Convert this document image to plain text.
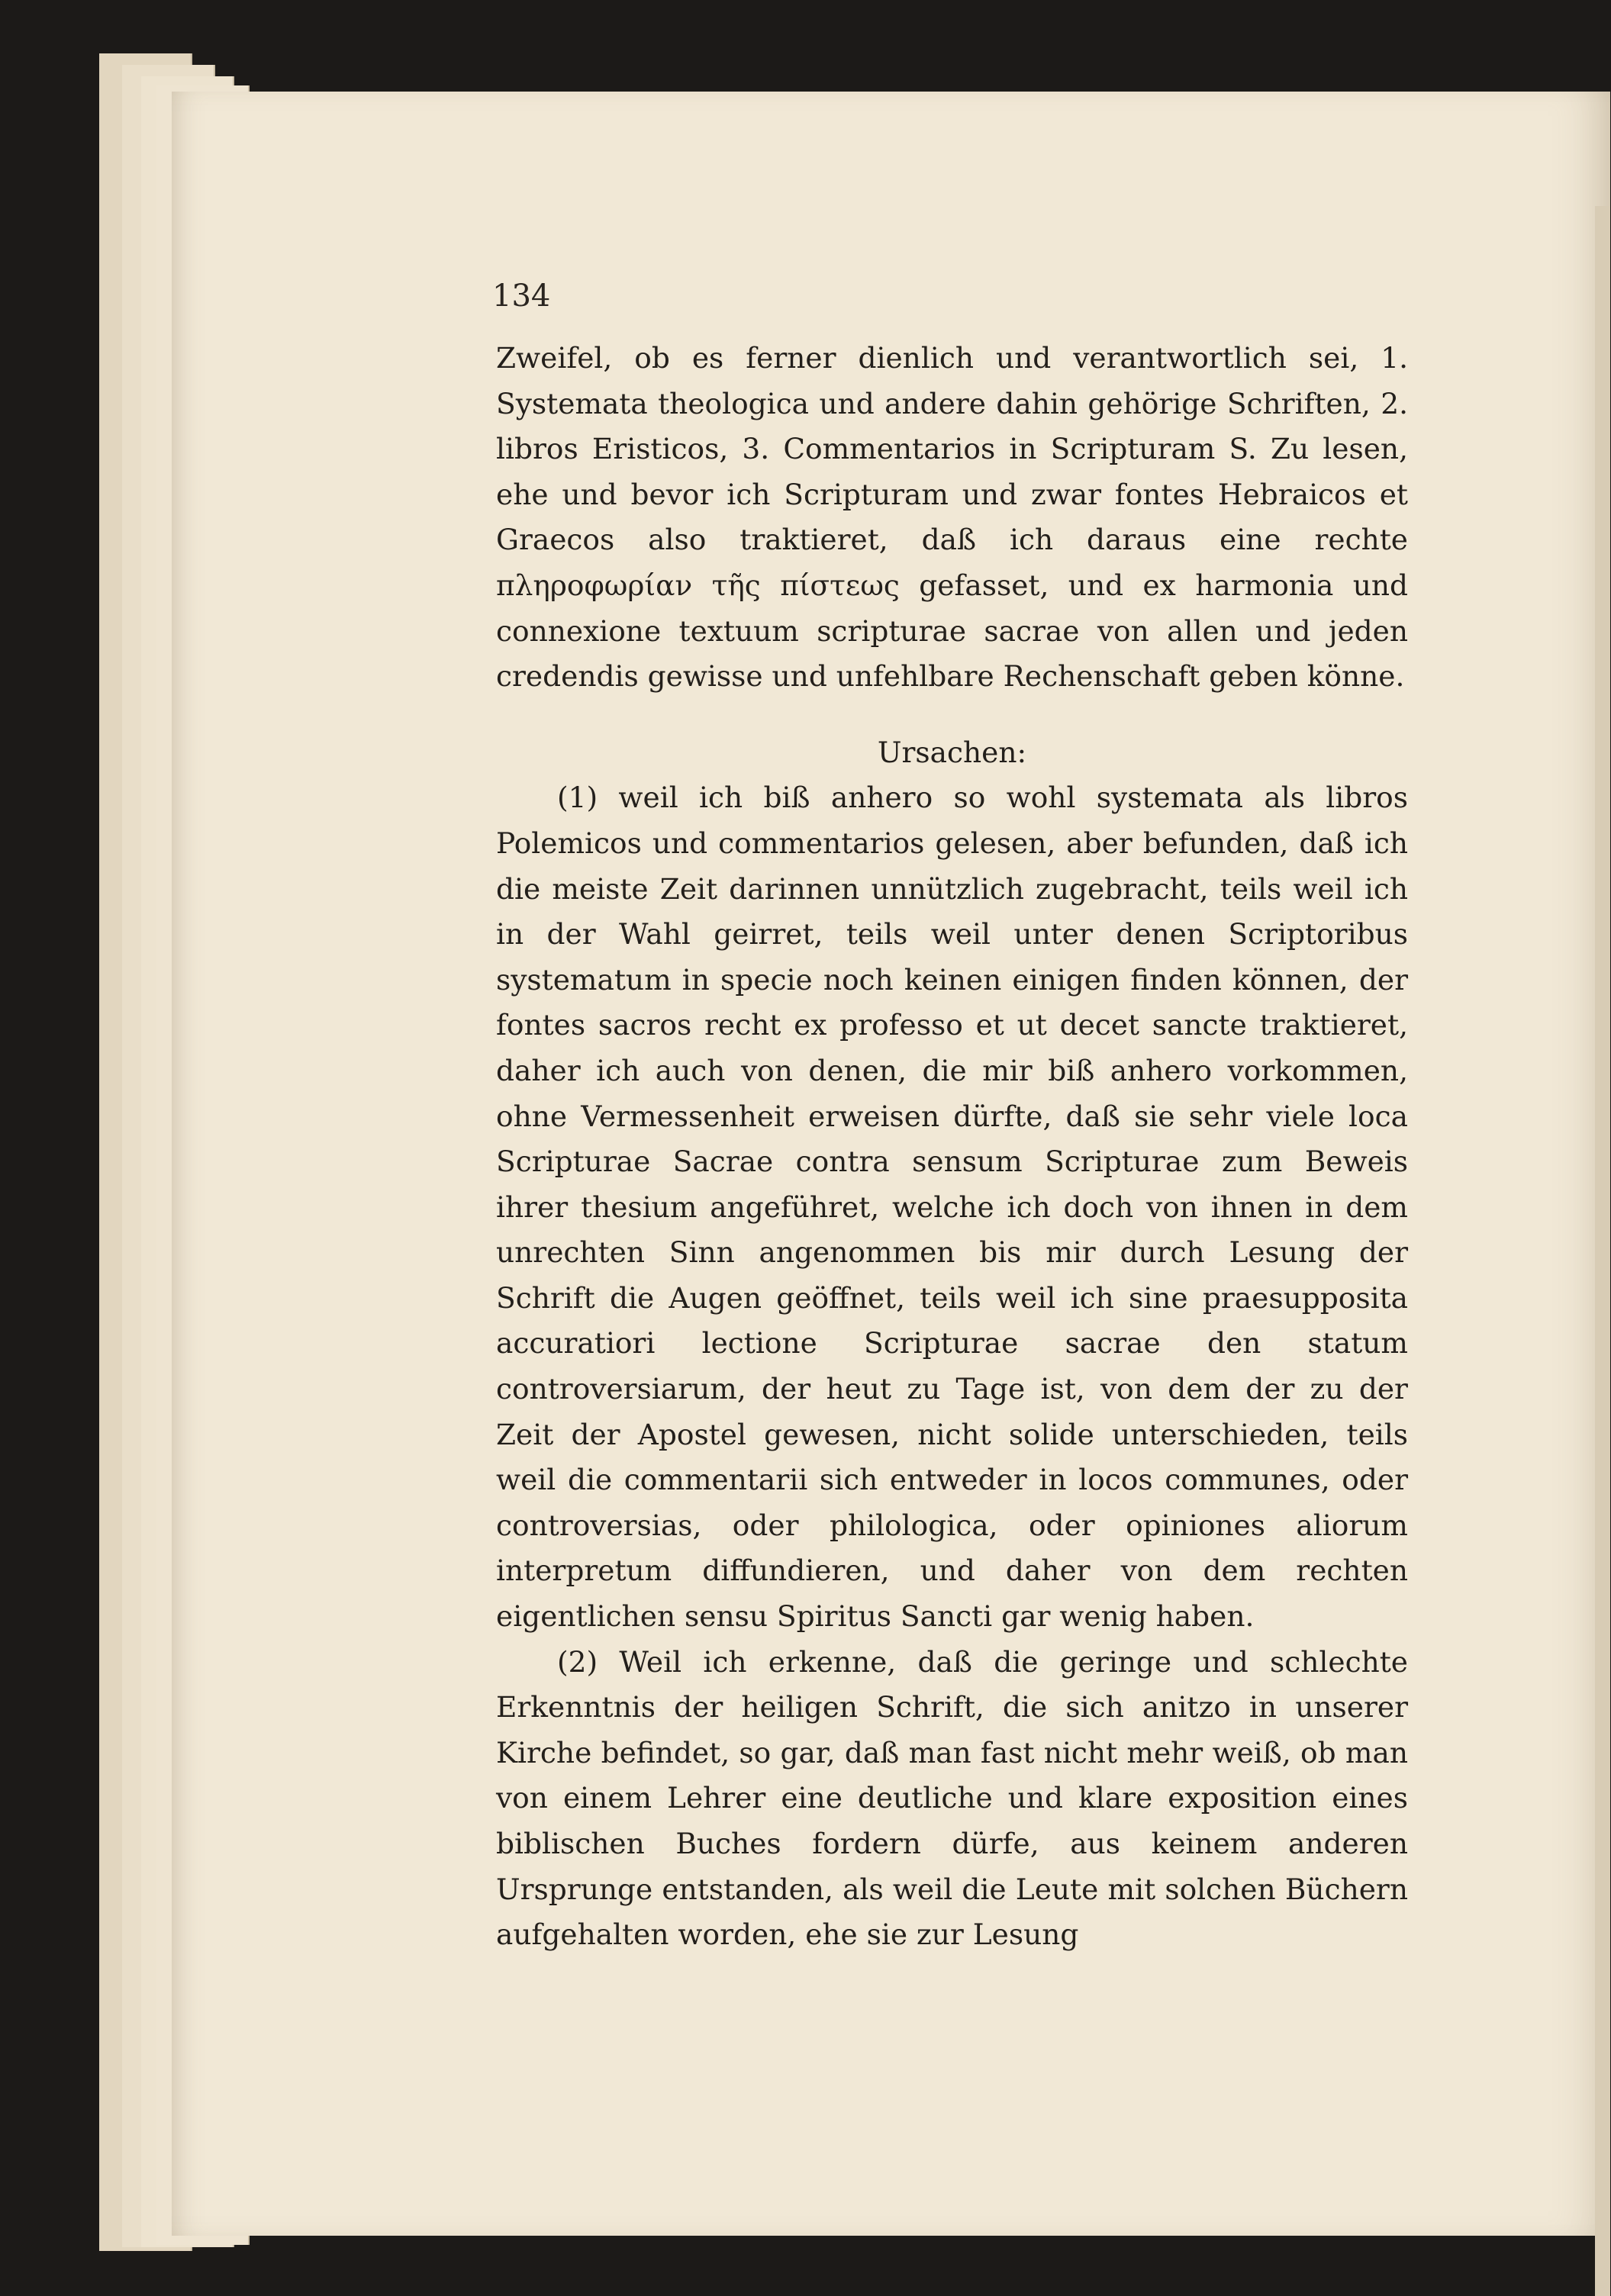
134

Zweifel, ob es ferner dienlich und verantwortlich sei, 1. Systemata theologica und andere dahin gehörige Schriften, 2. libros Eristicos, 3. Commentarios in Scripturam S. Zu lesen, ehe und bevor ich Scripturam und zwar fontes Hebraicos et Graecos also traktieret, daß ich daraus eine rechte πληροφωρίαν τῆς πίστεως gefasset, und ex harmonia und connexione textuum scripturae sacrae von allen und jeden credendis gewisse und unfehlbare Rechenschaft geben könne.

Ursachen:

(1) weil ich biß anhero so wohl systemata als libros Polemicos und commentarios gelesen, aber befunden, daß ich die meiste Zeit darinnen unnützlich zugebracht, teils weil ich in der Wahl geirret, teils weil unter denen Scriptoribus systematum in specie noch keinen einigen finden können, der fontes sacros recht ex professo et ut decet sancte traktieret, daher ich auch von denen, die mir biß anhero vorkommen, ohne Vermessenheit erweisen dürfte, daß sie sehr viele loca Scripturae Sacrae contra sensum Scripturae zum Beweis ihrer thesium angeführet, welche ich doch von ihnen in dem unrechten Sinn angenommen bis mir durch Lesung der Schrift die Augen geöffnet, teils weil ich sine praesupposita accuratiori lectione Scripturae sacrae den statum controversiarum, der heut zu Tage ist, von dem der zu der Zeit der Apostel gewesen, nicht solide unterschieden, teils weil die commentarii sich entweder in locos communes, oder controversias, oder philologica, oder opiniones aliorum interpretum diffundieren, und daher von dem rechten eigentlichen sensu Spiritus Sancti gar wenig haben.

(2) Weil ich erkenne, daß die geringe und schlechte Erkenntnis der heiligen Schrift, die sich anitzo in unserer Kirche befindet, so gar, daß man fast nicht mehr weiß, ob man von einem Lehrer eine deutliche und klare exposition eines biblischen Buches fordern dürfe, aus keinem anderen Ursprunge entstanden, als weil die Leute mit solchen Büchern aufgehalten worden, ehe sie zur Lesung
